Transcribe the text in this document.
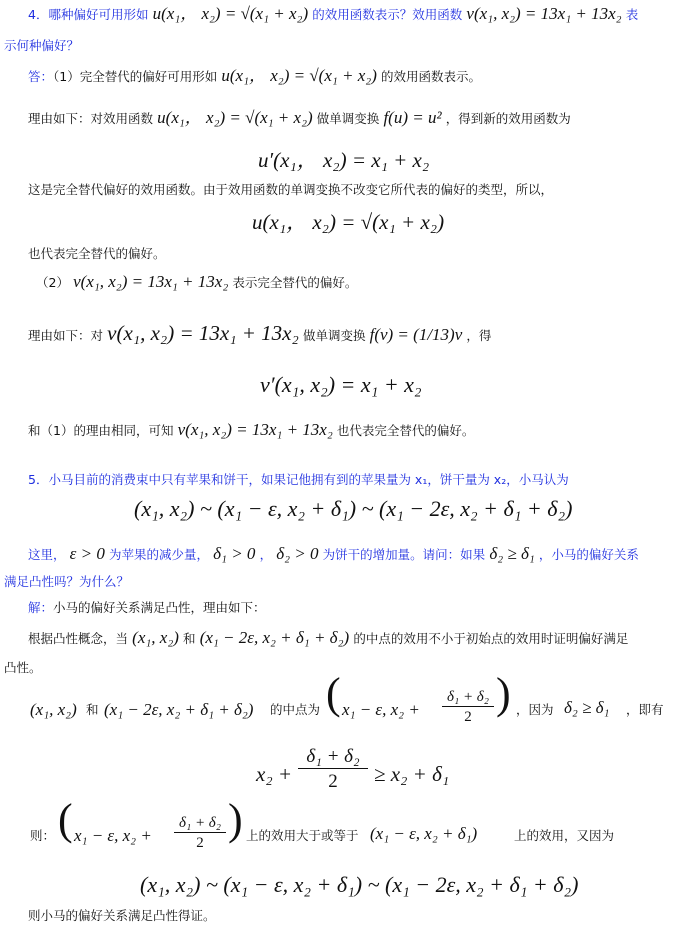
4．哪种偏好可用形如 u(x₁， x₂) = √(x₁ + x₂) 的效用函数表示？效用函数 v(x₁, x₂) = 13x₁ + 13x₂ 表
示何种偏好？
答：（1）完全替代的偏好可用形如 u(x₁， x₂) = √(x₁ + x₂) 的效用函数表示。
理由如下：对效用函数 u(x₁， x₂) = √(x₁ + x₂) 做单调变换 f(u) = u² ，得到新的效用函数为
u′(x₁， x₂) = x₁ + x₂
这是完全替代偏好的效用函数。由于效用函数的单调变换不改变它所代表的偏好的类型，所以，
u(x₁， x₂) = √(x₁ + x₂)
也代表完全替代的偏好。
（2） v(x₁, x₂) = 13x₁ + 13x₂ 表示完全替代的偏好。
理由如下：对 v(x₁, x₂) = 13x₁ + 13x₂ 做单调变换 f(v) = (1/13)v ，得
v′(x₁, x₂) = x₁ + x₂
和（1）的理由相同，可知 v(x₁, x₂) = 13x₁ + 13x₂ 也代表完全替代的偏好。
5．小马目前的消费束中只有苹果和饼干，如果记他拥有到的苹果量为 x₁，饼干量为 x₂，小马认为
(x₁, x₂) ~ (x₁ − ε, x₂ + δ₁) ~ (x₁ − 2ε, x₂ + δ₁ + δ₂)
这里， ε > 0 为苹果的减少量， δ₁ > 0 ， δ₂ > 0 为饼干的增加量。请问：如果 δ₂ ≥ δ₁ ，小马的偏好关系
满足凸性吗？为什么？
解：小马的偏好关系满足凸性，理由如下：
根据凸性概念，当 (x₁, x₂) 和 (x₁ − 2ε, x₂ + δ₁ + δ₂) 的中点的效用不小于初始点的效用时证明偏好满足
凸性。
(x₁, x₂) 和 (x₁ − 2ε, x₂ + δ₁ + δ₂) 的中点为 ( x₁ − ε, x₂ +
δ₁ + δ₂
2 ) ，因为 δ₂ ≥ δ₁ ，即有
x₂ +
δ₁ + δ₂
2	≥ x₂ + δ₁
则： ( x₁ − ε, x₂ +
δ₁ + δ₂
2 ) 上的效用大于或等于 (x₁ − ε, x₂ + δ₁)	上的效用，又因为
(x₁, x₂) ~ (x₁ − ε, x₂ + δ₁) ~ (x₁ − 2ε, x₂ + δ₁ + δ₂)
则小马的偏好关系满足凸性得证。
